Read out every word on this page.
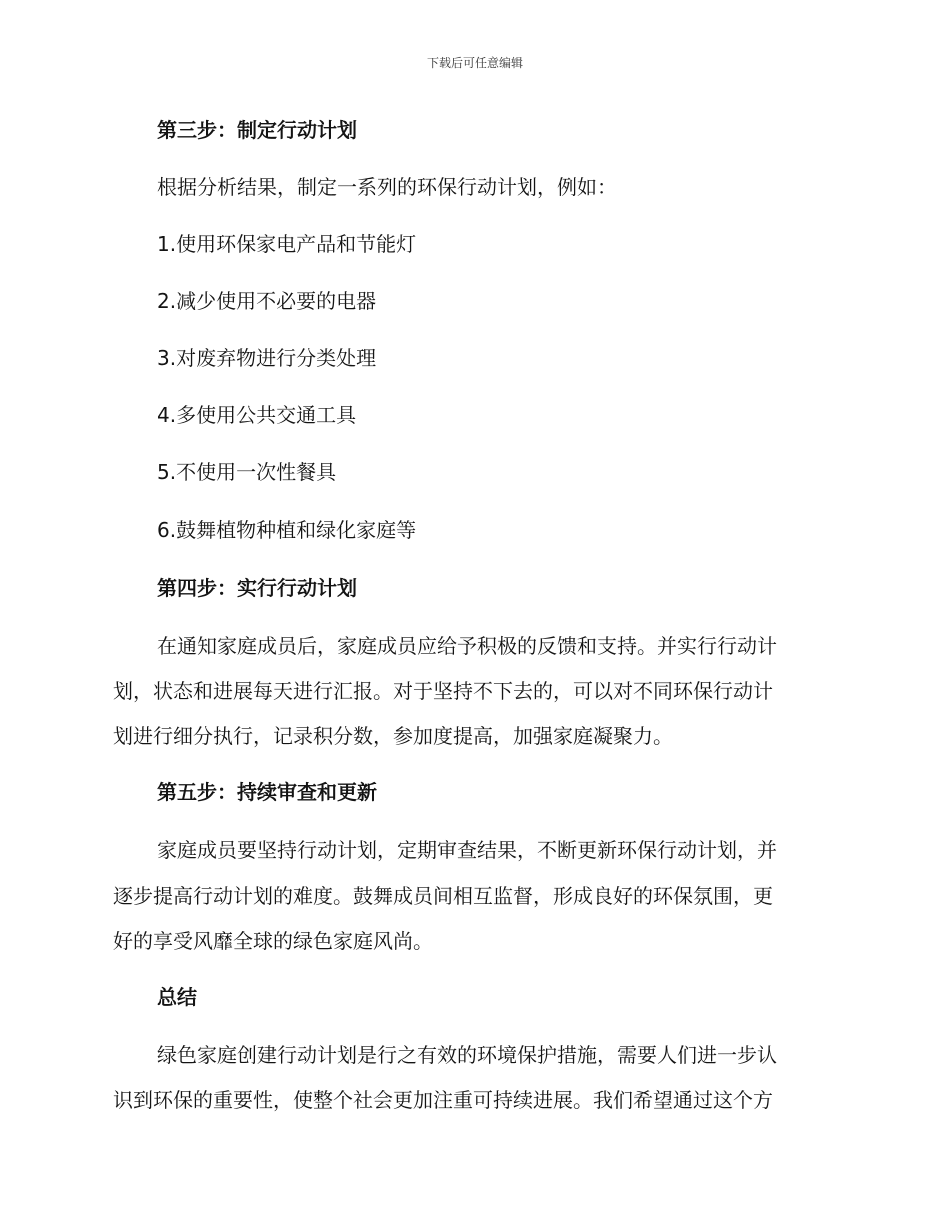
下载后可任意编辑
第三步：制定行动计划
根据分析结果，制定一系列的环保行动计划，例如：
1.使用环保家电产品和节能灯
2.减少使用不必要的电器
3.对废弃物进行分类处理
4.多使用公共交通工具
5.不使用一次性餐具
6.鼓舞植物种植和绿化家庭等
第四步：实行行动计划
在通知家庭成员后，家庭成员应给予积极的反馈和支持。并实行行动计
划，状态和进展每天进行汇报。对于坚持不下去的，可以对不同环保行动计
划进行细分执行，记录积分数，参加度提高，加强家庭凝聚力。
第五步：持续审查和更新
家庭成员要坚持行动计划，定期审查结果，不断更新环保行动计划，并
逐步提高行动计划的难度。鼓舞成员间相互监督，形成良好的环保氛围，更
好的享受风靡全球的绿色家庭风尚。
总结
绿色家庭创建行动计划是行之有效的环境保护措施，需要人们进一步认
识到环保的重要性，使整个社会更加注重可持续进展。我们希望通过这个方
